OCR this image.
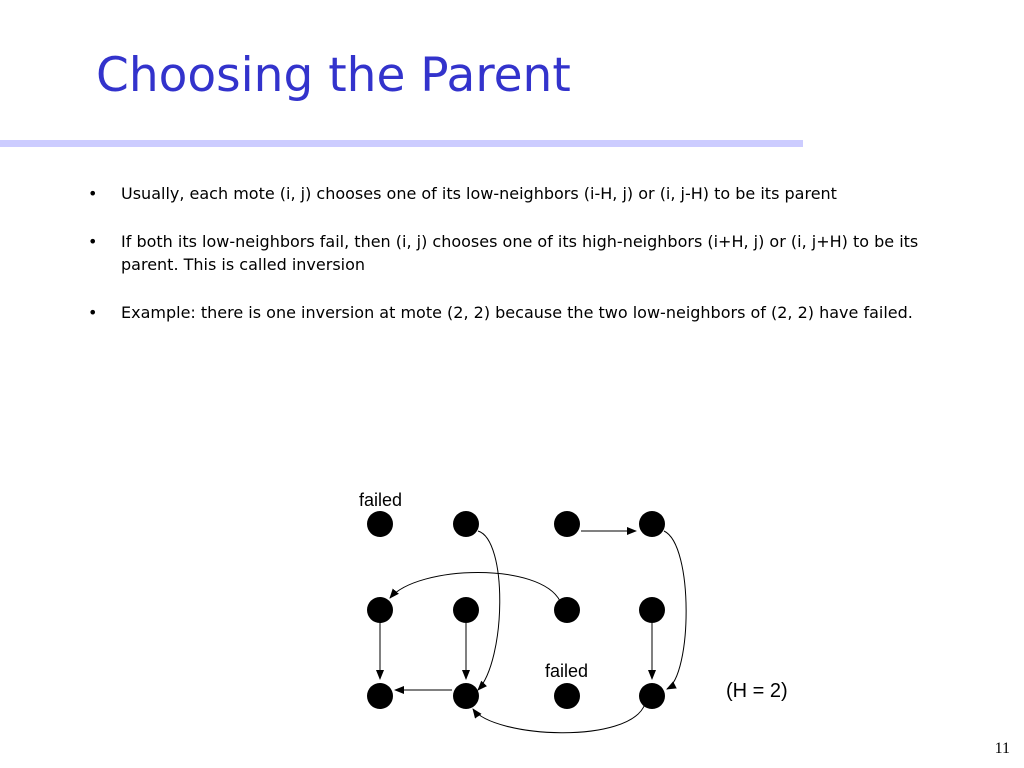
Choosing the Parent
• Usually, each mote (i, j) chooses one of its low-neighbors (i-H, j) or (i, j-H) to be its parent
• If both its low-neighbors fail, then (i, j) chooses one of its high-neighbors (i+H, j) or (i, j+H) to be its parent. This is called inversion
• Example: there is one inversion at mote (2, 2) because the two low-neighbors of (2, 2) have failed.
failed
failed
(H = 2)
11
